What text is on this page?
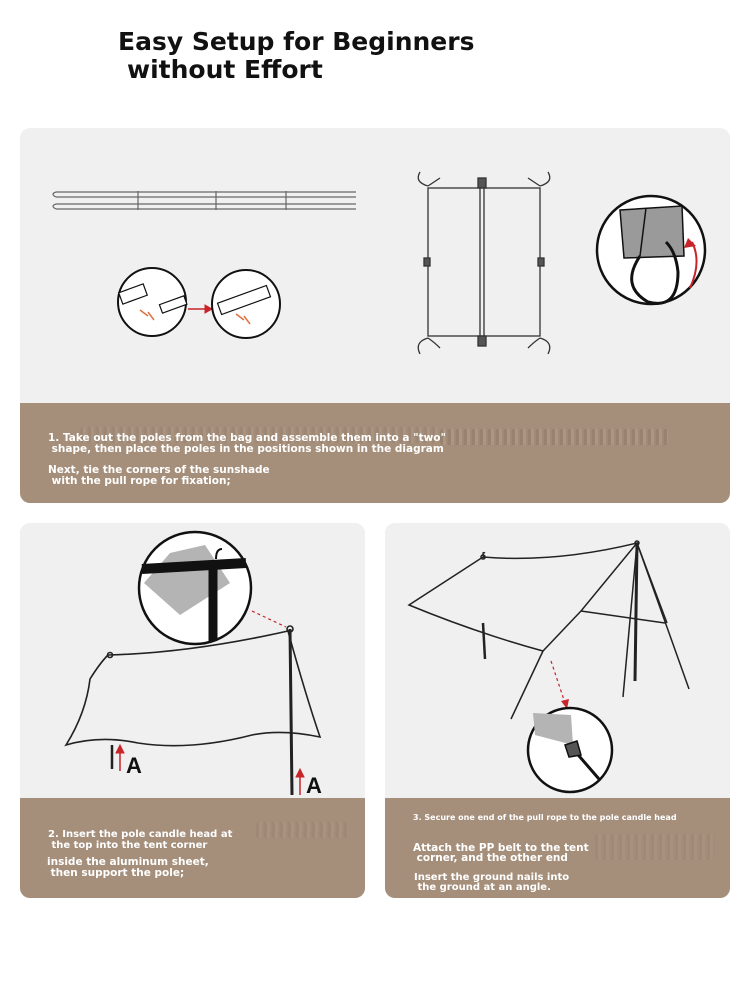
Easy Setup for Beginners
without Effort

1. Take out the poles from the bag and assemble them into a "two"

shape, then place the poles in the positions shown in the diagram

Next, tie the corners of the sunshade

with the pull rope for fixation;

A
A

2. Insert the pole candle head at

the top into the tent corner

inside the aluminum sheet,

then support the pole;

3. Secure one end of the pull rope to the pole candle head

Attach the PP belt to the tent

corner, and the other end

Insert the ground nails into

the ground at an angle.
